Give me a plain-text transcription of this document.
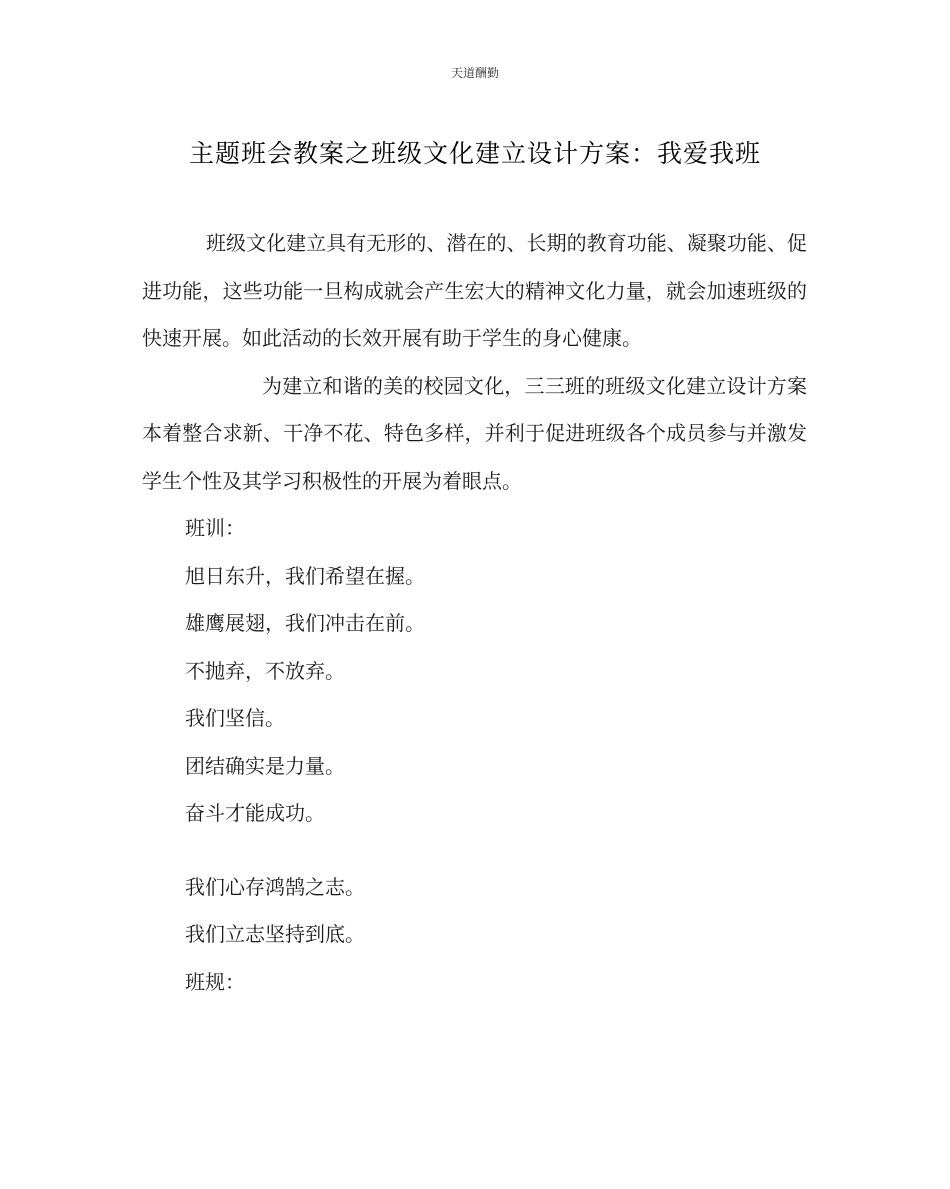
天道酬勤
主题班会教案之班级文化建立设计方案：我爱我班

班级文化建立具有无形的、潜在的、长期的教育功能、凝聚功能、促进功能，这些功能一旦构成就会产生宏大的精神文化力量，就会加速班级的快速开展。如此活动的长效开展有助于学生的身心健康。

为建立和谐的美的校园文化，三三班的班级文化建立设计方案本着整合求新、干净不花、特色多样，并利于促进班级各个成员参与并激发学生个性及其学习积极性的开展为着眼点。

班训：

旭日东升，我们希望在握。

雄鹰展翅，我们冲击在前。

不抛弃，不放弃。

我们坚信。

团结确实是力量。

奋斗才能成功。

我们心存鸿鹄之志。

我们立志坚持到底。

班规：
